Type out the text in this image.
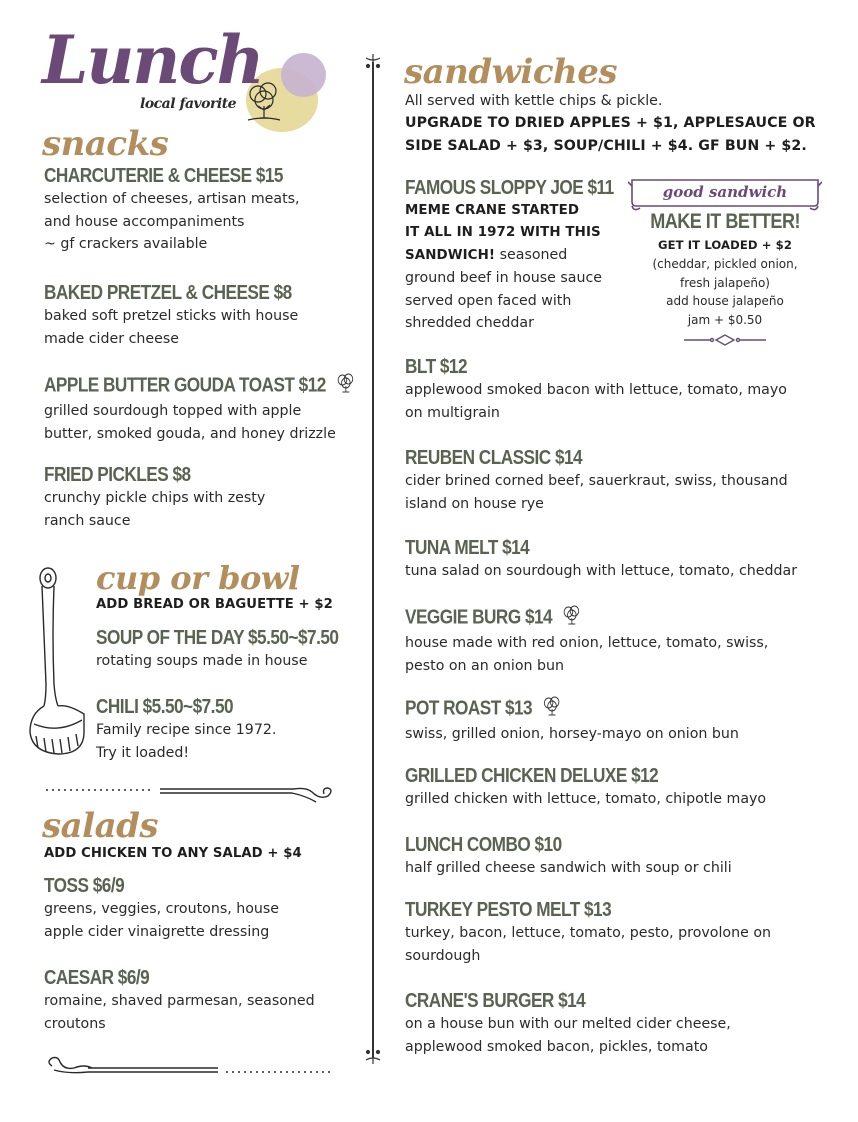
Lunch
local favorite
snacks

CHARCUTERIE & CHEESE $15

selection of cheeses, artisan meats,

and house accompaniments

~ gf crackers available

BAKED PRETZEL & CHEESE $8

baked soft pretzel sticks with house

made cider cheese

APPLE BUTTER GOUDA TOAST $12

grilled sourdough topped with apple

butter, smoked gouda, and honey drizzle

FRIED PICKLES $8

crunchy pickle chips with zesty

ranch sauce

cup or bowl
ADD BREAD OR BAGUETTE + $2

SOUP OF THE DAY $5.50~$7.50

rotating soups made in house

CHILI $5.50~$7.50

Family recipe since 1972.

Try it loaded!

salads
ADD CHICKEN TO ANY SALAD + $4

TOSS $6/9

greens, veggies, croutons, house

apple cider vinaigrette dressing

CAESAR $6/9

romaine, shaved parmesan, seasoned

croutons

sandwiches
All served with kettle chips & pickle.
UPGRADE TO DRIED APPLES + $1, APPLESAUCE OR
SIDE SALAD + $3, SOUP/CHILI + $4. GF BUN + $2.

FAMOUS SLOPPY JOE $11

MEME CRANE STARTED

IT ALL IN 1972 WITH THIS

SANDWICH! seasoned

ground beef in house sauce

served open faced with

shredded cheddar

good sandwich
MAKE IT BETTER!
GET IT LOADED + $2
(cheddar, pickled onion,
fresh jalapeño)
add house jalapeño
jam + $0.50

BLT $12

applewood smoked bacon with lettuce, tomato, mayo

on multigrain

REUBEN CLASSIC $14

cider brined corned beef, sauerkraut, swiss, thousand

island on house rye

TUNA MELT $14

tuna salad on sourdough with lettuce, tomato, cheddar

VEGGIE BURG $14

house made with red onion, lettuce, tomato, swiss,

pesto on an onion bun

POT ROAST $13

swiss, grilled onion, horsey-mayo on onion bun

GRILLED CHICKEN DELUXE $12

grilled chicken with lettuce, tomato, chipotle mayo

LUNCH COMBO $10

half grilled cheese sandwich with soup or chili

TURKEY PESTO MELT $13

turkey, bacon, lettuce, tomato, pesto, provolone on

sourdough

CRANE'S BURGER $14

on a house bun with our melted cider cheese,

applewood smoked bacon, pickles, tomato
